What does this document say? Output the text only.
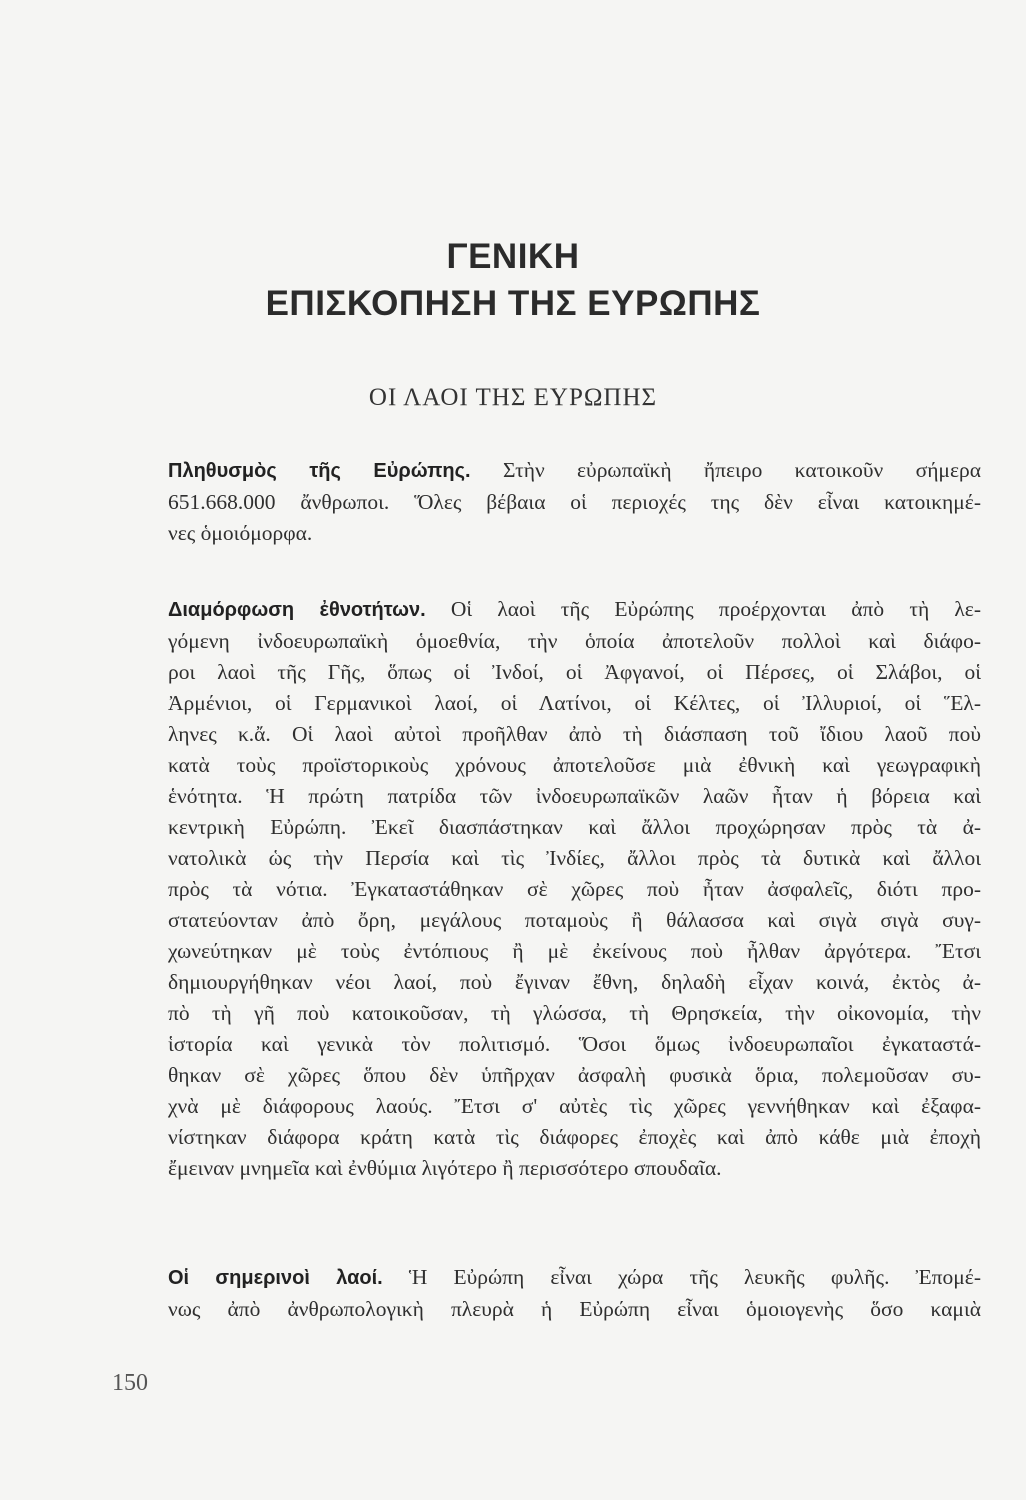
ΓΕΝΙΚΗ
ΕΠΙΣΚΟΠΗΣΗ ΤΗΣ ΕΥΡΩΠΗΣ
ΟΙ ΛΑΟΙ ΤΗΣ ΕΥΡΩΠΗΣ
Πληθυσμὸς τῆς Εὐρώπης. Στὴν εὐρωπαϊκὴ ἤπειρο κατοικοῦν σήμερα
651.668.000 ἄνθρωποι. Ὅλες βέβαια οἱ περιοχές της δὲν εἶναι κατοικημέ-
νες ὁμοιόμορφα.
Διαμόρφωση ἐθνοτήτων. Οἱ λαοὶ τῆς Εὐρώπης προέρχονται ἀπὸ τὴ λε-
γόμενη ἰνδοευρωπαϊκὴ ὁμοεθνία, τὴν ὁποία ἀποτελοῦν πολλοὶ καὶ διάφο-
ροι λαοὶ τῆς Γῆς, ὅπως οἱ Ἰνδοί, οἱ Ἀφγανοί, οἱ Πέρσες, οἱ Σλάβοι, οἱ
Ἀρμένιοι, οἱ Γερμανικοὶ λαοί, οἱ Λατίνοι, οἱ Κέλτες, οἱ Ἰλλυριοί, οἱ Ἕλ-
ληνες κ.ἄ. Οἱ λαοὶ αὐτοὶ προῆλθαν ἀπὸ τὴ διάσπαση τοῦ ἴδιου λαοῦ ποὺ
κατὰ τοὺς προϊστορικοὺς χρόνους ἀποτελοῦσε μιὰ ἐθνικὴ καὶ γεωγραφικὴ
ἑνότητα. Ἡ πρώτη πατρίδα τῶν ἰνδοευρωπαϊκῶν λαῶν ἦταν ἡ βόρεια καὶ
κεντρικὴ Εὐρώπη. Ἐκεῖ διασπάστηκαν καὶ ἄλλοι προχώρησαν πρὸς τὰ ἀ-
νατολικὰ ὡς τὴν Περσία καὶ τὶς Ἰνδίες, ἄλλοι πρὸς τὰ δυτικὰ καὶ ἄλλοι
πρὸς τὰ νότια. Ἐγκαταστάθηκαν σὲ χῶρες ποὺ ἦταν ἀσφαλεῖς, διότι προ-
στατεύονταν ἀπὸ ὄρη, μεγάλους ποταμοὺς ἢ θάλασσα καὶ σιγὰ σιγὰ συγ-
χωνεύτηκαν μὲ τοὺς ἐντόπιους ἢ μὲ ἐκείνους ποὺ ἦλθαν ἀργότερα. Ἔτσι
δημιουργήθηκαν νέοι λαοί, ποὺ ἔγιναν ἔθνη, δηλαδὴ εἶχαν κοινά, ἐκτὸς ἀ-
πὸ τὴ γῆ ποὺ κατοικοῦσαν, τὴ γλώσσα, τὴ Θρησκεία, τὴν οἰκονομία, τὴν
ἱστορία καὶ γενικὰ τὸν πολιτισμό. Ὅσοι ὅμως ἰνδοευρωπαῖοι ἐγκαταστά-
θηκαν σὲ χῶρες ὅπου δὲν ὑπῆρχαν ἀσφαλὴ φυσικὰ ὅρια, πολεμοῦσαν συ-
χνὰ μὲ διάφορους λαούς. Ἔτσι σ' αὐτὲς τὶς χῶρες γεννήθηκαν καὶ ἐξαφα-
νίστηκαν διάφορα κράτη κατὰ τὶς διάφορες ἐποχὲς καὶ ἀπὸ κάθε μιὰ ἐποχὴ
ἔμειναν μνημεῖα καὶ ἐνθύμια λιγότερο ἢ περισσότερο σπουδαῖα.
Οἱ σημερινοὶ λαοί. Ἡ Εὐρώπη εἶναι χώρα τῆς λευκῆς φυλῆς. Ἐπομέ-
νως ἀπὸ ἀνθρωπολογικὴ πλευρὰ ἡ Εὐρώπη εἶναι ὁμοιογενὴς ὅσο καμιὰ
150
